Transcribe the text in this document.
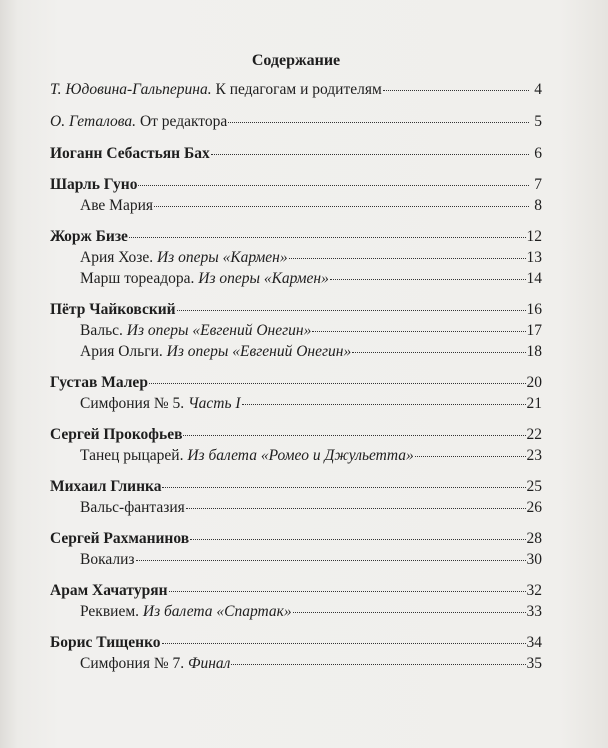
Содержание
Т. Юдовина-Гальперина. К педагогам и родителям	4
О. Геталова. От редактора	5
Иоганн Себастьян Бах	6
Шарль Гуно	7
Аве Мария	8
Жорж Бизе	12
Ария Хозе. Из оперы «Кармен»	13
Марш тореадора. Из оперы «Кармен»	14
Пётр Чайковский	16
Вальс. Из оперы «Евгений Онегин»	17
Ария Ольги. Из оперы «Евгений Онегин»	18
Густав Малер	20
Симфония № 5. Часть I	21
Сергей Прокофьев	22
Танец рыцарей. Из балета «Ромео и Джульетта»	23
Михаил Глинка	25
Вальс-фантазия	26
Сергей Рахманинов	28
Вокализ	30
Арам Хачатурян	32
Реквием. Из балета «Спартак»	33
Борис Тищенко	34
Симфония № 7. Финал	35
